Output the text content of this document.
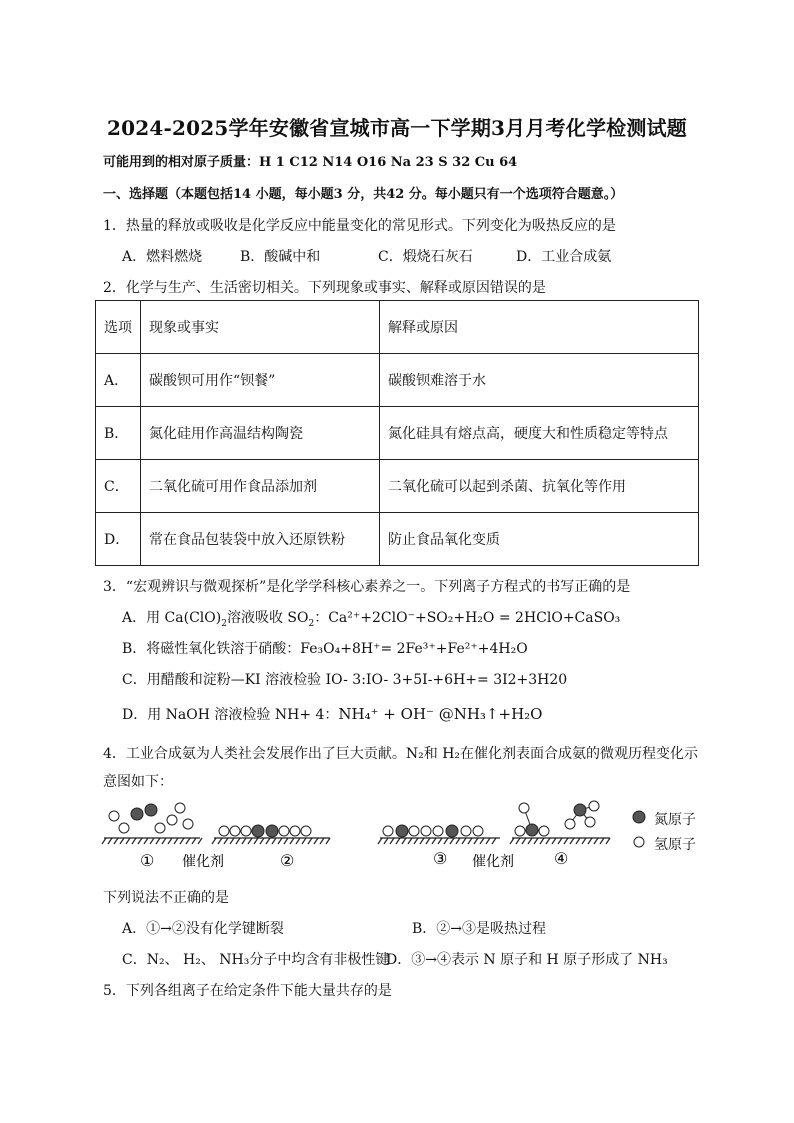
2024-2025学年安徽省宣城市高一下学期3月月考化学检测试题
可能用到的相对原子质量：H 1 C12 N14 O16 Na 23 S 32 Cu 64
一、选择题（本题包括14 小题，每小题3 分，共42 分。每小题只有一个选项符合题意。）
1．热量的释放或吸收是化学反应中能量变化的常见形式。下列变化为吸热反应的是
A．燃料燃烧	B．酸碱中和	C．煅烧石灰石	D．工业合成氨
2．化学与生产、生活密切相关。下列现象或事实、解释或原因错误的是
选项	现象或事实	解释或原因
A．	碳酸钡可用作“钡餐”	碳酸钡难溶于水
B．	氮化硅用作高温结构陶瓷	氮化硅具有熔点高，硬度大和性质稳定等特点
C．	二氧化硫可用作食品添加剂	二氧化硫可以起到杀菌、抗氧化等作用
D．	常在食品包装袋中放入还原铁粉	防止食品氧化变质
3．“宏观辨识与微观探析”是化学学科核心素养之一。下列离子方程式的书写正确的是
A．用 $Ca(ClO)_2$溶液吸收 $SO_2$：Ca²⁺+2ClO⁻+SO₂+H₂O = 2HClO+CaSO₃
B．将磁性氧化铁溶于硝酸：Fe₃O₄+8H⁺= 2Fe³⁺+Fe²⁺+4H₂O
C．用醋酸和淀粉—KI 溶液检验 IO- 3:IO- 3+5I-+6H+= 3I2+3H20
D．用 NaOH 溶液检验 NH+ 4：NH₄⁺ + OH⁻ @NH₃↑+H₂O
4．工业合成氨为人类社会发展作出了巨大贡献。N₂和 H₂在催化剂表面合成氨的微观历程变化示
意图如下：
① 催化剂	②	③ 催化剂	④
氮原子
氢原子
下列说法不正确的是
A．①→②没有化学键断裂	B．②→③是吸热过程
C．N₂、 H₂、 NH₃分子中均含有非极性键
D．③→④表示 N 原子和 H 原子形成了 NH₃
5．下列各组离子在给定条件下能大量共存的是
